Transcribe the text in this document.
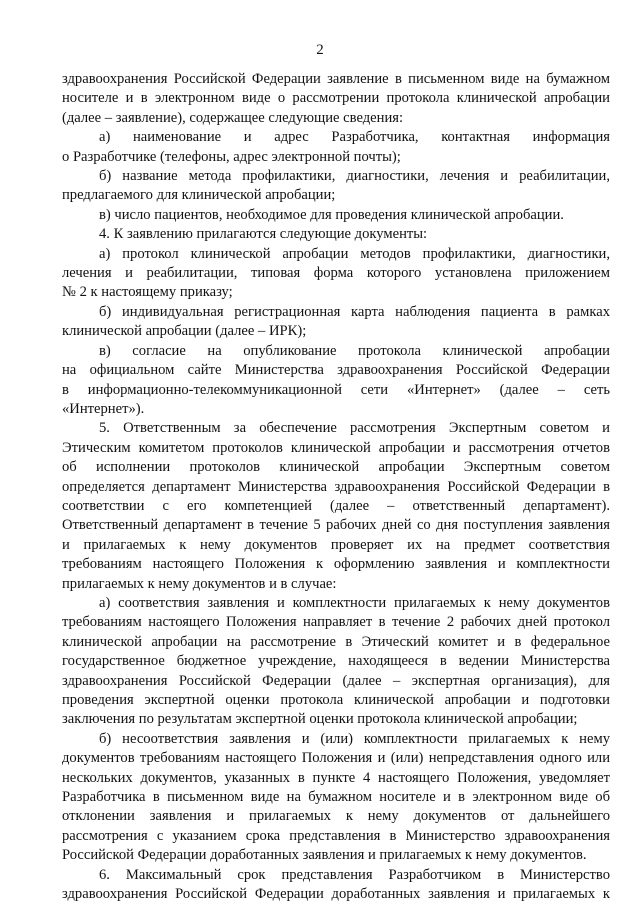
2
здравоохранения Российской Федерации заявление в письменном виде на бумажном
носителе и в электронном виде о рассмотрении протокола клинической апробации
(далее – заявление), содержащее следующие сведения:
а) наименование и адрес Разработчика, контактная информация
о Разработчике (телефоны, адрес электронной почты);
б) название метода профилактики, диагностики, лечения и реабилитации,
предлагаемого для клинической апробации;
в) число пациентов, необходимое для проведения клинической апробации.
4. К заявлению прилагаются следующие документы:
а) протокол клинической апробации методов профилактики, диагностики,
лечения и реабилитации, типовая форма которого установлена приложением
№ 2 к настоящему приказу;
б) индивидуальная регистрационная карта наблюдения пациента в рамках
клинической апробации (далее – ИРК);
в) согласие на опубликование протокола клинической апробации
на официальном сайте Министерства здравоохранения Российской Федерации
в информационно-телекоммуникационной сети «Интернет» (далее – сеть
«Интернет»).
5. Ответственным за обеспечение рассмотрения Экспертным советом и
Этическим комитетом протоколов клинической апробации и рассмотрения отчетов
об исполнении протоколов клинической апробации Экспертным советом
определяется департамент Министерства здравоохранения Российской Федерации в
соответствии с его компетенцией (далее – ответственный департамент).
Ответственный департамент в течение 5 рабочих дней со дня поступления заявления
и прилагаемых к нему документов проверяет их на предмет соответствия
требованиям настоящего Положения к оформлению заявления и комплектности
прилагаемых к нему документов и в случае:
а) соответствия заявления и комплектности прилагаемых к нему документов
требованиям настоящего Положения направляет в течение 2 рабочих дней протокол
клинической апробации на рассмотрение в Этический комитет и в федеральное
государственное бюджетное учреждение, находящееся в ведении Министерства
здравоохранения Российской Федерации (далее – экспертная организация), для
проведения экспертной оценки протокола клинической апробации и подготовки
заключения по результатам экспертной оценки протокола клинической апробации;
б) несоответствия заявления и (или) комплектности прилагаемых к нему
документов требованиям настоящего Положения и (или) непредставления одного или
нескольких документов, указанных в пункте 4 настоящего Положения, уведомляет
Разработчика в письменном виде на бумажном носителе и в электронном виде об
отклонении заявления и прилагаемых к нему документов от дальнейшего
рассмотрения с указанием срока представления в Министерство здравоохранения
Российской Федерации доработанных заявления и прилагаемых к нему документов.
6. Максимальный срок представления Разработчиком в Министерство
здравоохранения Российской Федерации доработанных заявления и прилагаемых к
